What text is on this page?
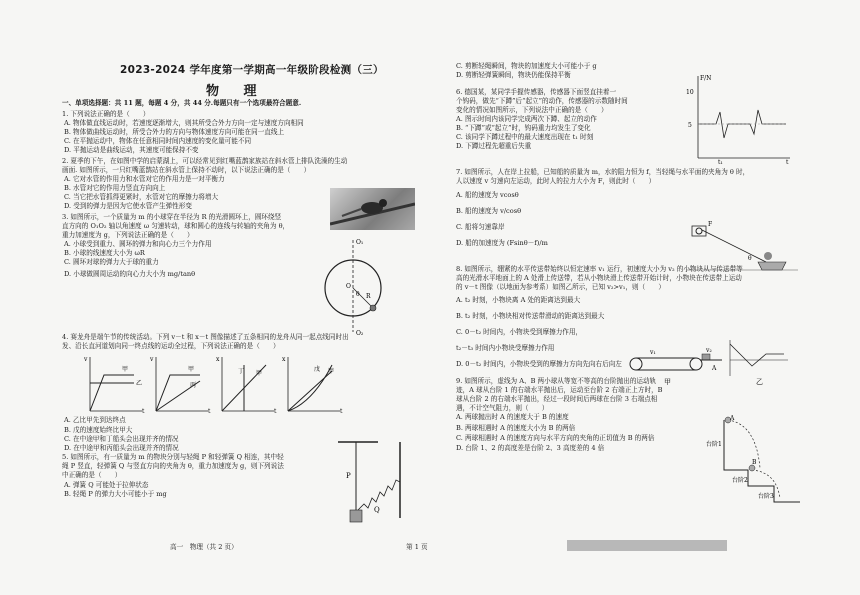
2023-2024 学年度第一学期高一年级阶段检测（三）
物 理
一、单项选择题：共 11 题，每题 4 分，共 44 分.每题只有一个选项最符合题意.
1. 下列说法正确的是（　　）
A. 物体做直线运动时，若速度逐渐增大，则其所受合外力方向一定与速度方向相同
B. 物体做曲线运动时，所受合外力的方向与物体速度方向可能在同一直线上
C. 在平抛运动中，物体在任意相同时间内速度的变化量可能不同
D. 平抛运动是曲线运动，其速度可能保持不变
2. 夏季的下午，在如图中学的启蒙湖上，可以经常见到红嘴蓝鹊家族站在斜水管上排队洗澡的生动
画面. 如图所示，一只红嘴蓝鹊站在斜水管上保持不动时，以下说法正确的是（　　）
A. 它对水管的作用力和水管对它的作用力是一对平衡力
B. 水管对它的作用力竖直方向向上
C. 当它把水管抓得更紧时，水管对它的摩擦力将增大
D. 受到的弹力是因为它使水管产生弹性形变
3. 如图所示，一个质量为 m 的小球穿在半径为 R 的光滑圆环上，圆环绕竖
直方向的 O₁O₂ 轴以角速度 ω 匀速转动，球和圆心的连线与转轴的夹角为 θ，
重力加速度为 g，下列说法正确的是（　　）
A. 小球受到重力、圆环的弹力和向心力三个力作用
B. 小球的线速度大小为 ωR
C. 圆环对球的弹力大于球的重力
D. 小球做圆周运动的向心力大小为 mg/tanθ
4. 赛龙舟是端午节的传统活动。下列 v－t 和 x－t 图像描述了五条相同的龙舟从同一起点线同时出
发、沿长直河道划向同一终点线的运动全过程，下列说法正确的是（　　）
A. 乙比甲先到达终点
B. 戊的速度始终比甲大
C. 在中途甲和丁船头会出现并齐的情况
D. 在中途甲和丙船头会出现并齐的情况
5. 如图所示，有一质量为 m 的物块分别与轻绳 P 和轻弹簧 Q 相连，其中轻
绳 P 竖直，轻弹簧 Q 与竖直方向的夹角为 θ，重力加速度为 g，则下列说法
中正确的是（　　）
A. 弹簧 Q 可能处于拉伸状态
B. 轻绳 P 的弹力大小可能小于 mg
C. 剪断轻绳瞬间，物块的加速度大小可能小于 g
D. 剪断轻弹簧瞬间，物块仍能保持平衡
6. 德国某，某同学手握传感器，传感器下面竖直挂着一
个钩码，做先“下蹲”后“起立”的动作，传感器的示数随时间
变化的情况如图所示，下列说法中正确的是（　　）
A. 图示时间内该同学完成两次下蹲、起立的动作
B. “下蹲”或“起立”时，钩码重力均发生了变化
C. 该同学下蹲过程中的最大速度出现在 t₁ 时刻
D. 下蹲过程先超重后失重
7. 如图所示，人在岸上拉船，已知船的质量为 m，水的阻力恒为 f，当轻绳与水平面的夹角为 θ 时，
人以速度 v 匀速向左运动，此时人的拉力大小为 F，则此时（　　）
A. 船的速度为 vcosθ
B. 船的速度为 v/cosθ
C. 船将匀速靠岸
D. 船的加速度为 (Fsinθ－f)/m
8. 如图所示，绷紧的水平传送带始终以恒定速率 v₁ 运行，初速度大小为 v₂ 的小物块从与传送带等
高的光滑水平地面上的 A 处滑上传送带，若从小物块滑上传送带开始计时，小物块在传送带上运动
的 v－t 图像（以地面为参考系）如图乙所示，已知 v₂>v₁，则（　　）
A. t₂ 时刻，小物块离 A 处的距离达到最大
B. t₂ 时刻，小物块相对传送带滑动的距离达到最大
C. 0－t₂ 时间内，小物块受到摩擦力作用，
t₂－t₃ 时间内小物块受摩擦力作用
D. 0－t₂ 时间内，小物块受到的摩擦力方向先向右后向左
9. 如图所示，虚线为 A、B 两小球从等宽不等高的台阶抛出的运动轨
迹，A 球从台阶 1 的右端水平抛出后，运动至台阶 2 右端正上方时，B
球从台阶 2 的右端水平抛出，经过一段时间后两球在台阶 3 右端点相
遇，不计空气阻力，则（　　）
A. 两球抛出时 A 的速度大于 B 的速度
B. 两球相遇时 A 的速度大小为 B 的两倍
C. 两球相遇时 A 的速度方向与水平方向的夹角的正切值为 B 的两倍
D. 台阶 1、2 的高度差是台阶 2、3 高度差的 4 倍
O₁
O₂
θ R
O
v
甲
乙
t
v
甲
丙
t
x
丁 甲
t
x
戊 甲
t
P
Q
F/N
10
5
t₁	t
F
θ
v₁	v₂
A
甲	乙
A
B
台阶1
台阶2
台阶3
高一　物理（共 2 页）	第 1 页
